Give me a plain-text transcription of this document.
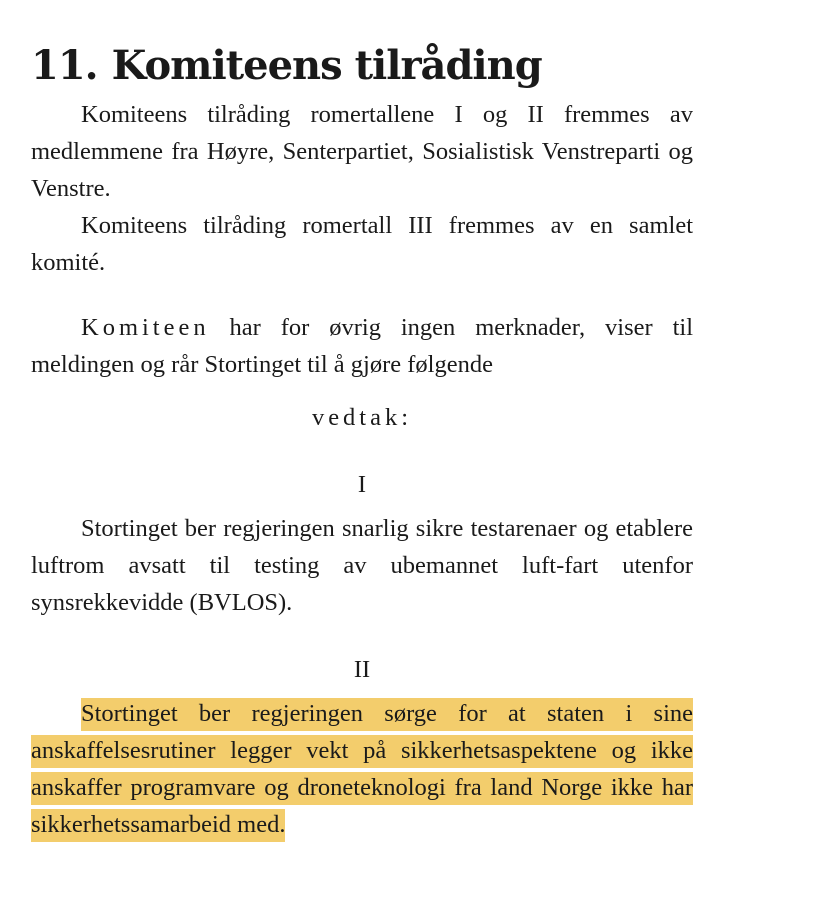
11. Komiteens tilråding

Komiteens tilråding romertallene I og II fremmes av medlemmene fra Høyre, Senterpartiet, Sosialistisk Venstreparti og Venstre.

Komiteens tilråding romertall III fremmes av en samlet komité.

Komiteen har for øvrig ingen merknader, viser til meldingen og rår Stortinget til å gjøre følgende

vedtak:
I

Stortinget ber regjeringen snarlig sikre testarenaer og etablere luftrom avsatt til testing av ubemannet luft-fart utenfor synsrekkevidde (BVLOS).

II

Stortinget ber regjeringen sørge for at staten i sine anskaffelsesrutiner legger vekt på sikkerhetsaspektene og ikke anskaffer programvare og droneteknologi fra land Norge ikke har sikkerhetssamarbeid med.
